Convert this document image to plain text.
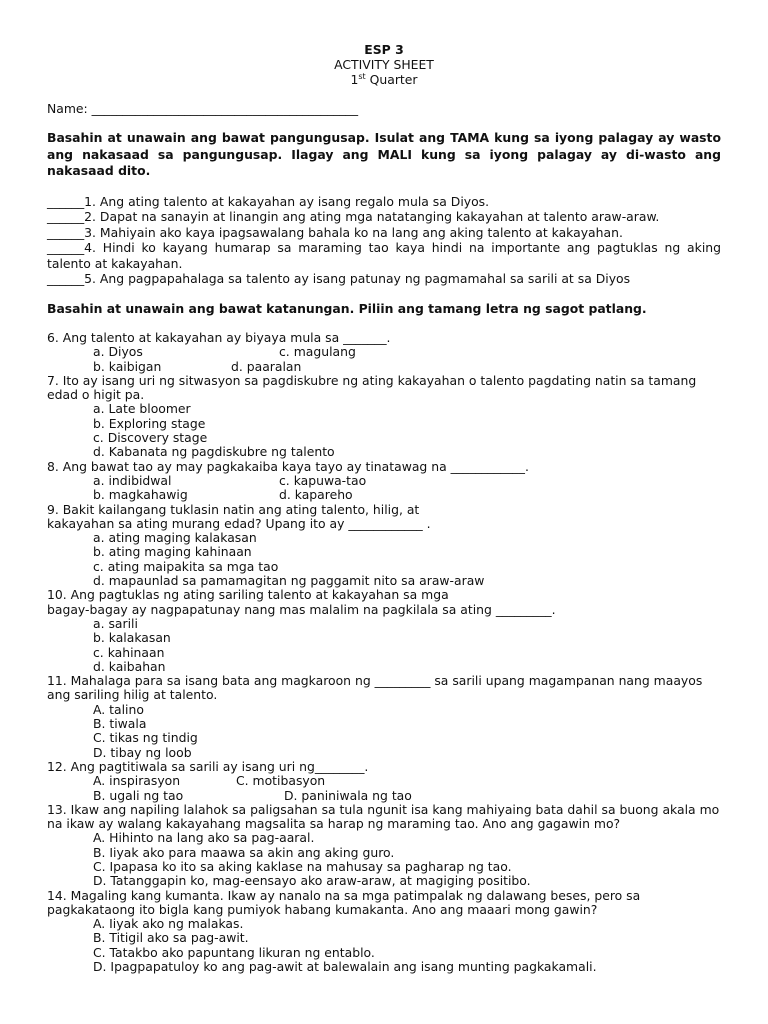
ESP 3
ACTIVITY SHEET
1st Quarter
Name: ___________________________________________
Basahin at unawain ang bawat pangungusap. Isulat ang TAMA kung sa iyong palagay ay wasto ang nakasaad sa pangungusap. Ilagay ang MALI kung sa iyong palagay ay di-wasto ang nakasaad dito.
______1. Ang ating talento at kakayahan ay isang regalo mula sa Diyos.
______2. Dapat na sanayin at linangin ang ating mga natatanging kakayahan at talento araw-araw.
______3. Mahiyain ako kaya ipagsawalang bahala ko na lang ang aking talento at kakayahan.
______4. Hindi ko kayang humarap sa maraming tao kaya hindi na importante ang pagtuklas ng aking talento at kakayahan.
______5. Ang pagpapahalaga sa talento ay isang patunay ng pagmamahal sa sarili at sa Diyos
Basahin at unawain ang bawat katanungan. Piliin ang tamang letra ng sagot patlang.
6. Ang talento at kakayahan ay biyaya mula sa _______.
a. Diyos	c. magulang
b. kaibigan	d. paaralan
7. Ito ay isang uri ng sitwasyon sa pagdiskubre ng ating kakayahan o talento pagdating natin sa tamang edad o higit pa.
a. Late bloomer
b. Exploring stage
c. Discovery stage
d. Kabanata ng pagdiskubre ng talento
8. Ang bawat tao ay may pagkakaiba kaya tayo ay tinatawag na ____________.
a. indibidwal	c. kapuwa-tao
b. magkahawig	d. kapareho
9. Bakit kailangang tuklasin natin ang ating talento, hilig, at
kakayahan sa ating murang edad? Upang ito ay ____________ .
a. ating maging kalakasan
b. ating maging kahinaan
c. ating maipakita sa mga tao
d. mapaunlad sa pamamagitan ng paggamit nito sa araw-araw
10. Ang pagtuklas ng ating sariling talento at kakayahan sa mga
bagay-bagay ay nagpapatunay nang mas malalim na pagkilala sa ating _________.
a. sarili
b. kalakasan
c. kahinaan
d. kaibahan
11. Mahalaga para sa isang bata ang magkaroon ng _________ sa sarili upang magampanan nang maayos ang sariling hilig at talento.
A. talino
B. tiwala
C. tikas ng tindig
D. tibay ng loob
12. Ang pagtitiwala sa sarili ay isang uri ng________.
A. inspirasyon	C. motibasyon
B. ugali ng tao	D. paniniwala ng tao
13. Ikaw ang napiling lalahok sa paligsahan sa tula ngunit isa kang mahiyaing bata dahil sa buong akala mo na ikaw ay walang kakayahang magsalita sa harap ng maraming tao. Ano ang gagawin mo?
A. Hihinto na lang ako sa pag-aaral.
B. Iiyak ako para maawa sa akin ang aking guro.
C. Ipapasa ko ito sa aking kaklase na mahusay sa pagharap ng tao.
D. Tatanggapin ko, mag-eensayo ako araw-araw, at magiging positibo.
14. Magaling kang kumanta. Ikaw ay nanalo na sa mga patimpalak ng dalawang beses, pero sa pagkakataong ito bigla kang pumiyok habang kumakanta. Ano ang maaari mong gawin?
A. Iiyak ako ng malakas.
B. Titigil ako sa pag-awit.
C. Tatakbo ako papuntang likuran ng entablo.
D. Ipagpapatuloy ko ang pag-awit at balewalain ang isang munting pagkakamali.
